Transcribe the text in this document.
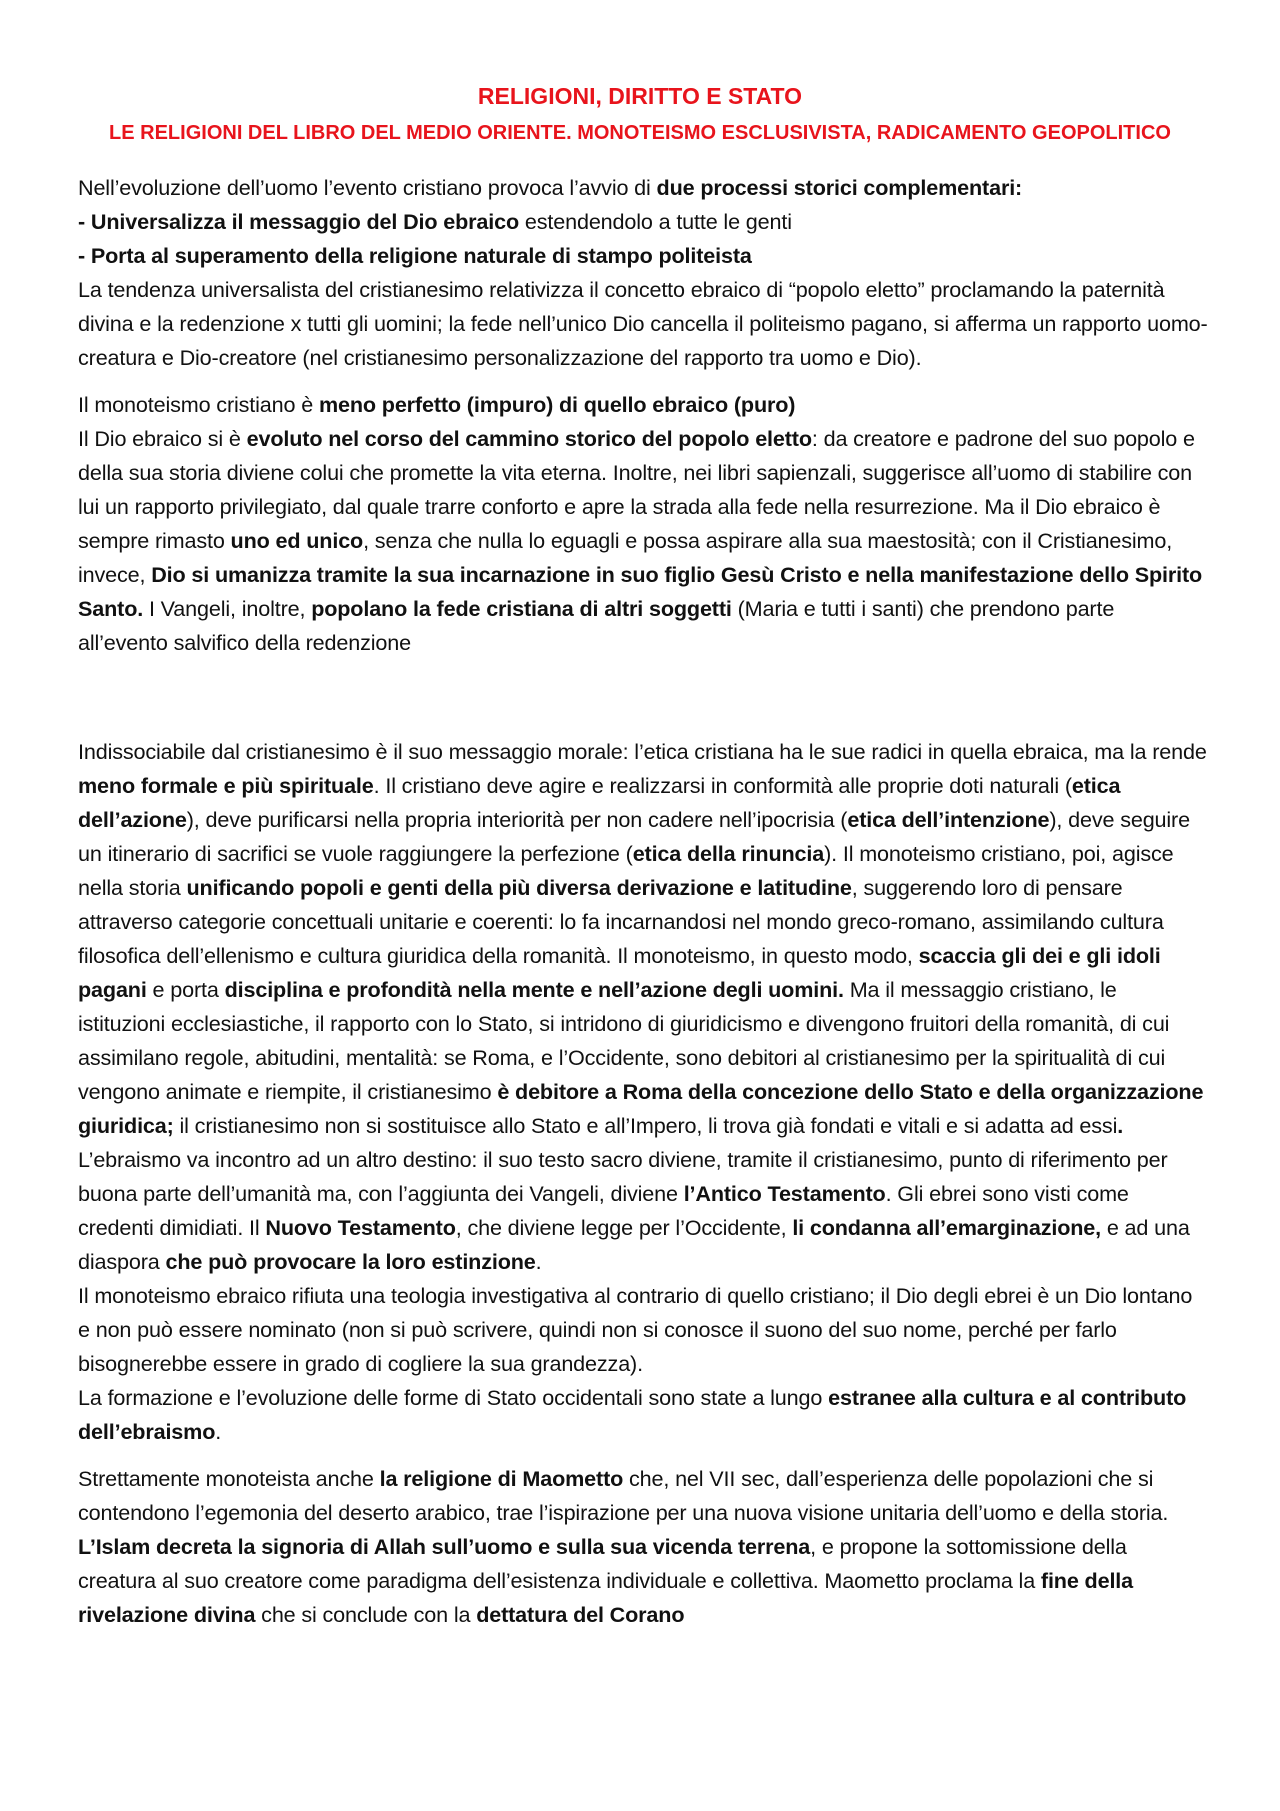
RELIGIONI, DIRITTO E STATO
LE RELIGIONI DEL LIBRO DEL MEDIO ORIENTE. MONOTEISMO ESCLUSIVISTA, RADICAMENTO GEOPOLITICO

Nell’evoluzione dell’uomo l’evento cristiano provoca l’avvio di due processi storici complementari:

- Universalizza il messaggio del Dio ebraico estendendolo a tutte le genti

- Porta al superamento della religione naturale di stampo politeista

La tendenza universalista del cristianesimo relativizza il concetto ebraico di “popolo eletto” proclamando la paternità divina e la redenzione x tutti gli uomini; la fede nell’unico Dio cancella il politeismo pagano, si afferma un rapporto uomo-creatura e Dio-creatore (nel cristianesimo personalizzazione del rapporto tra uomo e Dio).

Il monoteismo cristiano è meno perfetto (impuro) di quello ebraico (puro)

Il Dio ebraico si è evoluto nel corso del cammino storico del popolo eletto: da creatore e padrone del suo popolo e della sua storia diviene colui che promette la vita eterna. Inoltre, nei libri sapienzali, suggerisce all’uomo di stabilire con lui un rapporto privilegiato, dal quale trarre conforto e apre la strada alla fede nella resurrezione. Ma il Dio ebraico è sempre rimasto uno ed unico, senza che nulla lo eguagli e possa aspirare alla sua maestosità; con il Cristianesimo, invece, Dio si umanizza tramite la sua incarnazione in suo figlio Gesù Cristo e nella manifestazione dello Spirito Santo. I Vangeli, inoltre, popolano la fede cristiana di altri soggetti (Maria e tutti i santi) che prendono parte all’evento salvifico della redenzione

Indissociabile dal cristianesimo è il suo messaggio morale: l’etica cristiana ha le sue radici in quella ebraica, ma la rende meno formale e più spirituale. Il cristiano deve agire e realizzarsi in conformità alle proprie doti naturali (etica dell’azione), deve purificarsi nella propria interiorità per non cadere nell’ipocrisia (etica dell’intenzione), deve seguire un itinerario di sacrifici se vuole raggiungere la perfezione (etica della rinuncia). Il monoteismo cristiano, poi, agisce nella storia unificando popoli e genti della più diversa derivazione e latitudine, suggerendo loro di pensare attraverso categorie concettuali unitarie e coerenti: lo fa incarnandosi nel mondo greco-romano, assimilando cultura filosofica dell’ellenismo e cultura giuridica della romanità. Il monoteismo, in questo modo, scaccia gli dei e gli idoli pagani e porta disciplina e profondità nella mente e nell’azione degli uomini. Ma il messaggio cristiano, le istituzioni ecclesiastiche, il rapporto con lo Stato, si intridono di giuridicismo e divengono fruitori della romanità, di cui assimilano regole, abitudini, mentalità: se Roma, e l’Occidente, sono debitori al cristianesimo per la spiritualità di cui vengono animate e riempite, il cristianesimo è debitore a Roma della concezione dello Stato e della organizzazione giuridica; il cristianesimo non si sostituisce allo Stato e all’Impero, li trova già fondati e vitali e si adatta ad essi.

L’ebraismo va incontro ad un altro destino: il suo testo sacro diviene, tramite il cristianesimo, punto di riferimento per buona parte dell’umanità ma, con l’aggiunta dei Vangeli, diviene l’Antico Testamento. Gli ebrei sono visti come credenti dimidiati. Il Nuovo Testamento, che diviene legge per l’Occidente, li condanna all’emarginazione, e ad una diaspora che può provocare la loro estinzione.

Il monoteismo ebraico rifiuta una teologia investigativa al contrario di quello cristiano; il Dio degli ebrei è un Dio lontano e non può essere nominato (non si può scrivere, quindi non si conosce il suono del suo nome, perché per farlo bisognerebbe essere in grado di cogliere la sua grandezza).

La formazione e l’evoluzione delle forme di Stato occidentali sono state a lungo estranee alla cultura e al contributo dell’ebraismo.

Strettamente monoteista anche la religione di Maometto che, nel VII sec, dall’esperienza delle popolazioni che si contendono l’egemonia del deserto arabico, trae l’ispirazione per una nuova visione unitaria dell’uomo e della storia. L’Islam decreta la signoria di Allah sull’uomo e sulla sua vicenda terrena, e propone la sottomissione della creatura al suo creatore come paradigma dell’esistenza individuale e collettiva. Maometto proclama la fine della rivelazione divina che si conclude con la dettatura del Corano
